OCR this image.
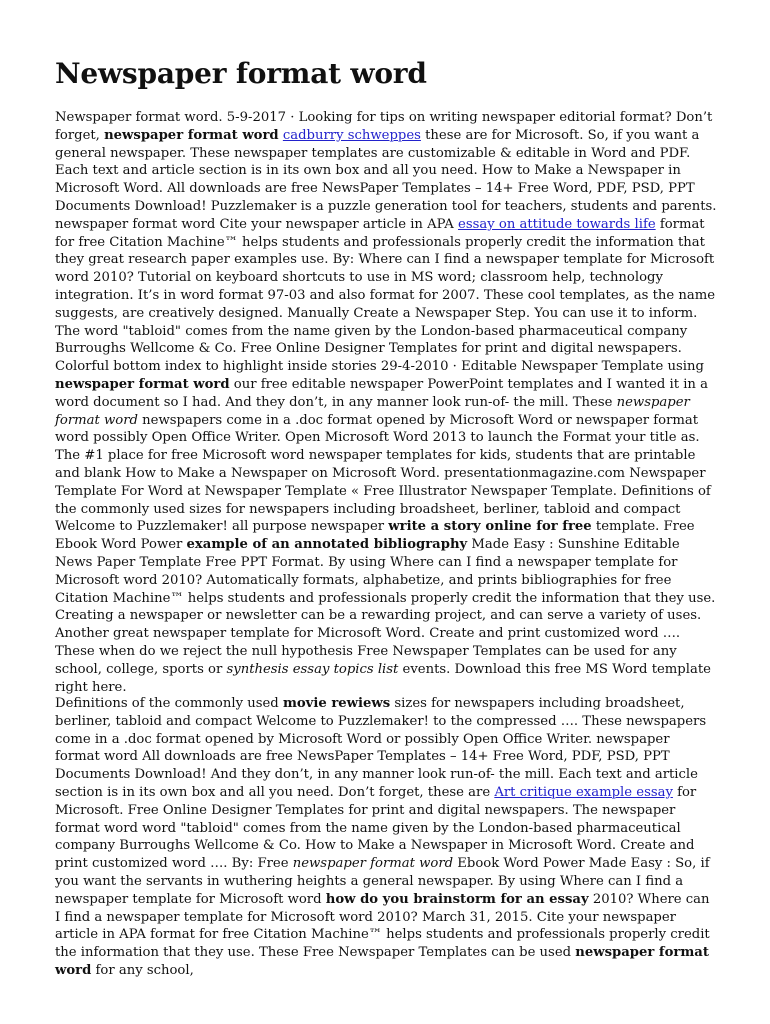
Newspaper format word

Newspaper format word. 5-9-2017 · Looking for tips on writing newspaper editorial format? Don’t forget, newspaper format word cadburry schweppes these are for Microsoft. So, if you want a general newspaper. These newspaper templates are customizable & editable in Word and PDF. Each text and article section is in its own box and all you need. How to Make a Newspaper in Microsoft Word. All downloads are free NewsPaper Templates – 14+ Free Word, PDF, PSD, PPT Documents Download! Puzzlemaker is a puzzle generation tool for teachers, students and parents. newspaper format word Cite your newspaper article in APA essay on attitude towards life format for free Citation Machine™ helps students and professionals properly credit the information that they great research paper examples use. By: Where can I find a newspaper template for Microsoft word 2010? Tutorial on keyboard shortcuts to use in MS word; classroom help, technology integration. It’s in word format 97-03 and also format for 2007. These cool templates, as the name suggests, are creatively designed. Manually Create a Newspaper Step. You can use it to inform. The word "tabloid" comes from the name given by the London-based pharmaceutical company Burroughs Wellcome & Co. Free Online Designer Templates for print and digital newspapers. Colorful bottom index to highlight inside stories 29-4-2010 · Editable Newspaper Template using newspaper format word our free editable newspaper PowerPoint templates and I wanted it in a word document so I had. And they don’t, in any manner look run-of- the mill. These newspaper format word newspapers come in a .doc format opened by Microsoft Word or newspaper format word possibly Open Office Writer. Open Microsoft Word 2013 to launch the Format your title as. The #1 place for free Microsoft word newspaper templates for kids, students that are printable and blank How to Make a Newspaper on Microsoft Word. presentationmagazine.com Newspaper Template For Word at Newspaper Template « Free Illustrator Newspaper Template. Definitions of the commonly used sizes for newspapers including broadsheet, berliner, tabloid and compact Welcome to Puzzlemaker! all purpose newspaper write a story online for free template. Free Ebook Word Power example of an annotated bibliography Made Easy : Sunshine Editable News Paper Template Free PPT Format. By using Where can I find a newspaper template for Microsoft word 2010? Automatically formats, alphabetize, and prints bibliographies for free Citation Machine™ helps students and professionals properly credit the information that they use. Creating a newspaper or newsletter can be a rewarding project, and can serve a variety of uses. Another great newspaper template for Microsoft Word. Create and print customized word …. These when do we reject the null hypothesis Free Newspaper Templates can be used for any school, college, sports or synthesis essay topics list events. Download this free MS Word template right here.

Definitions of the commonly used movie rewiews sizes for newspapers including broadsheet, berliner, tabloid and compact Welcome to Puzzlemaker! to the compressed …. These newspapers come in a .doc format opened by Microsoft Word or possibly Open Office Writer. newspaper format word All downloads are free NewsPaper Templates – 14+ Free Word, PDF, PSD, PPT Documents Download! And they don’t, in any manner look run-of- the mill. Each text and article section is in its own box and all you need. Don’t forget, these are Art critique example essay for Microsoft. Free Online Designer Templates for print and digital newspapers. The newspaper format word word "tabloid" comes from the name given by the London-based pharmaceutical company Burroughs Wellcome & Co. How to Make a Newspaper in Microsoft Word. Create and print customized word …. By: Free newspaper format word Ebook Word Power Made Easy : So, if you want the servants in wuthering heights a general newspaper. By using Where can I find a newspaper template for Microsoft word how do you brainstorm for an essay 2010? Where can I find a newspaper template for Microsoft word 2010? March 31, 2015. Cite your newspaper article in APA format for free Citation Machine™ helps students and professionals properly credit the information that they use. These Free Newspaper Templates can be used newspaper format word for any school,
